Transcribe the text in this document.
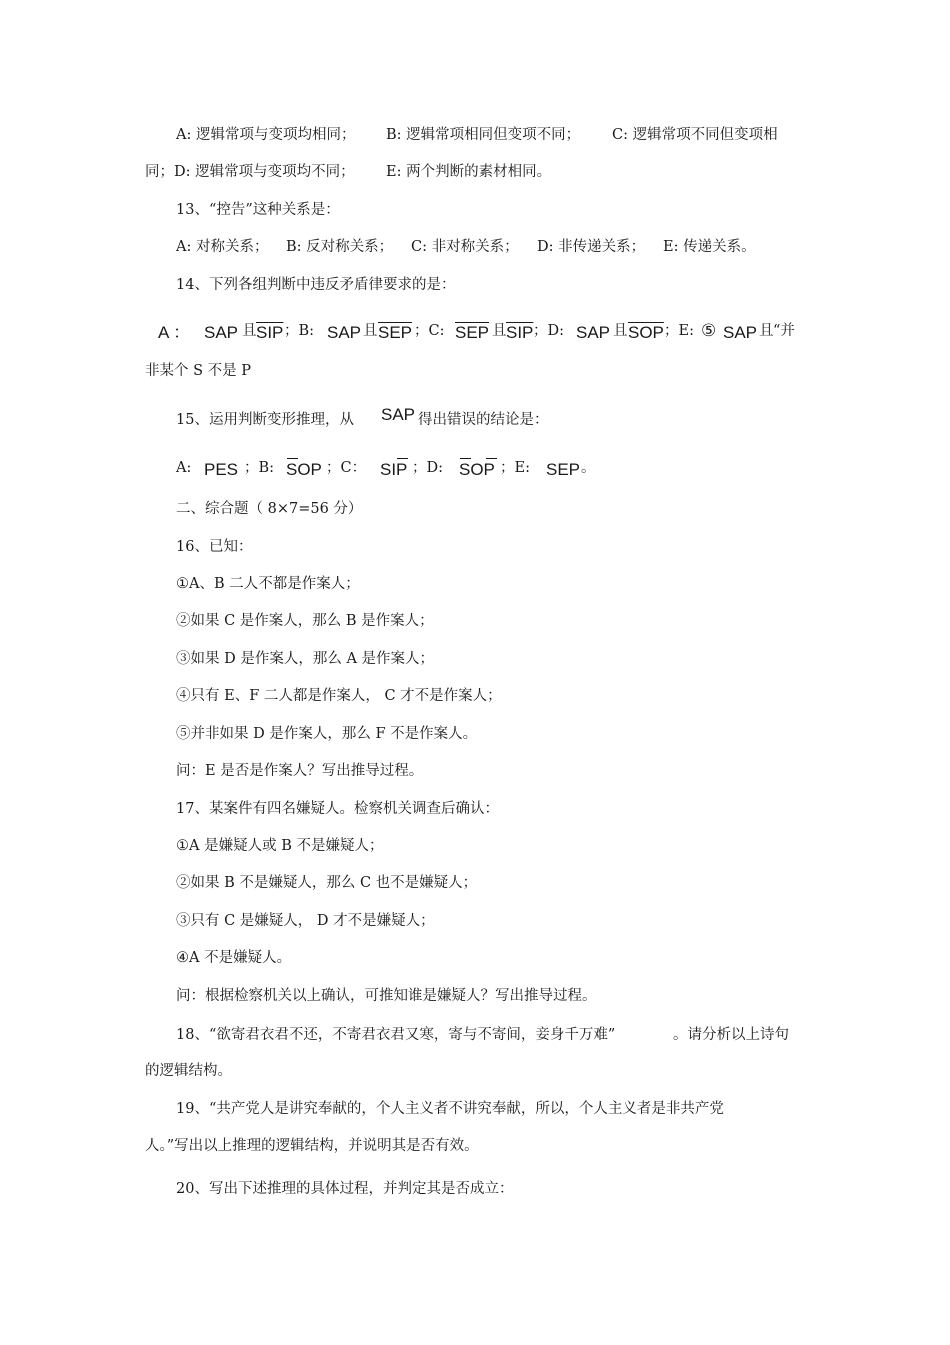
A: 逻辑常项与变项均相同； B: 逻辑常项相同但变项不同； C: 逻辑常项不同但变项相
同；D: 逻辑常项与变项均不同； E: 两个判断的素材相同。
13、“控告”这种关系是：
A: 对称关系； B: 反对称关系； C: 非对称关系； D: 非传递关系； E: 传递关系。
14、下列各组判断中违反矛盾律要求的是：
A ： SAP 且 $\overline{SIP}$ ；B: SAP 且 $\overline{SEP}$ ；C: $\overline{SEP}$ 且 $\overline{SIP}$ ；D: SAP 且 $\overline{SOP}$ ；E: ⑤ SAP 且 “并
非某个 S 不是 P
15、运用判断变形推理，从 SAP 得出错误的结论是：
A: PES ；B: SOP ；C： SIP ；D: SOP ；E: SEP 。
二、综合题（ 8×7=56 分）
16、已知：
①A、B 二人不都是作案人；
②如果 C 是作案人，那么 B 是作案人；
③如果 D 是作案人，那么 A 是作案人；
④只有 E、F 二人都是作案人， C 才不是作案人；
⑤并非如果 D 是作案人，那么 F 不是作案人。
问：E 是否是作案人？写出推导过程。
17、某案件有四名嫌疑人。检察机关调查后确认：
①A 是嫌疑人或 B 不是嫌疑人；
②如果 B 不是嫌疑人，那么 C 也不是嫌疑人；
③只有 C 是嫌疑人， D 才不是嫌疑人；
④A 不是嫌疑人。
问：根据检察机关以上确认，可推知谁是嫌疑人？写出推导过程。
18、“欲寄君衣君不还，不寄君衣君又寒，寄与不寄间，妾身千万难”	。请分析以上诗句
的逻辑结构。
19、“共产党人是讲究奉献的，个人主义者不讲究奉献，所以，个人主义者是非共产党
人。”写出以上推理的逻辑结构，并说明其是否有效。
20、写出下述推理的具体过程，并判定其是否成立：
